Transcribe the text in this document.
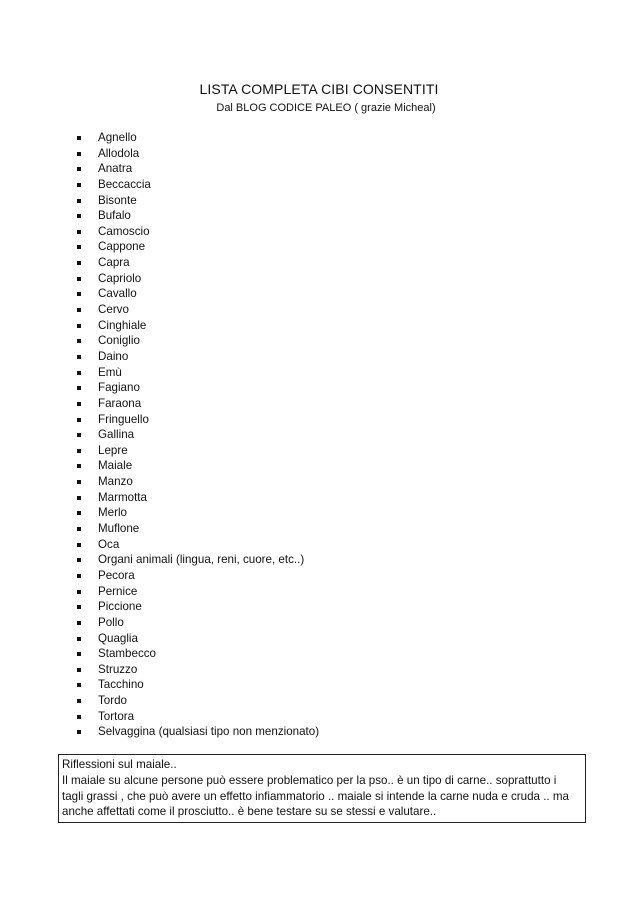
LISTA COMPLETA CIBI CONSENTITI
Dal BLOG CODICE PALEO ( grazie Micheal)
Agnello
Allodola
Anatra
Beccaccia
Bisonte
Bufalo
Camoscio
Cappone
Capra
Capriolo
Cavallo
Cervo
Cinghiale
Coniglio
Daino
Emù
Fagiano
Faraona
Fringuello
Gallina
Lepre
Maiale
Manzo
Marmotta
Merlo
Muflone
Oca
Organi animali (lingua, reni, cuore, etc..)
Pecora
Pernice
Piccione
Pollo
Quaglia
Stambecco
Struzzo
Tacchino
Tordo
Tortora
Selvaggina (qualsiasi tipo non menzionato)
Riflessioni sul maiale..
Il maiale su alcune persone può essere problematico per la pso.. è un tipo di carne.. soprattutto i
tagli grassi , che può avere un effetto infiammatorio .. maiale si intende la carne nuda e cruda .. ma
anche affettati come il prosciutto.. è bene testare su se stessi e valutare..
